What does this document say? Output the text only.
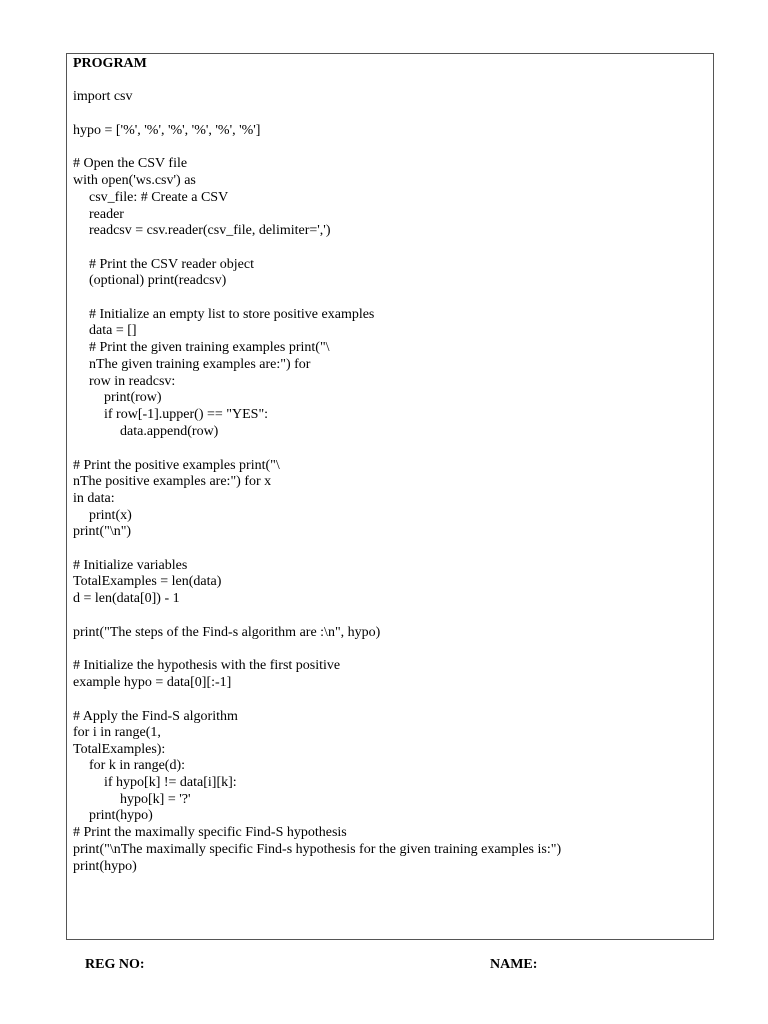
PROGRAM
import csv
hypo = ['%', '%', '%', '%', '%', '%']
# Open the CSV file
with open('ws.csv') as
csv_file: # Create a CSV
reader
readcsv = csv.reader(csv_file, delimiter=',')
# Print the CSV reader object
(optional) print(readcsv)
# Initialize an empty list to store positive examples
data = []
# Print the given training examples print("\
nThe given training examples are:") for
row in readcsv:
print(row)
if row[-1].upper() == "YES":
data.append(row)
# Print the positive examples print("\
nThe positive examples are:") for x
in data:
print(x)
print("\n")
# Initialize variables
TotalExamples = len(data)
d = len(data[0]) - 1
print("The steps of the Find-s algorithm are :\n", hypo)
# Initialize the hypothesis with the first positive
example hypo = data[0][:-1]
# Apply the Find-S algorithm
for i in range(1,
TotalExamples):
for k in range(d):
if hypo[k] != data[i][k]:
hypo[k] = '?'
print(hypo)
# Print the maximally specific Find-S hypothesis
print("\nThe maximally specific Find-s hypothesis for the given training examples is:")
print(hypo)
REG NO:	NAME:
